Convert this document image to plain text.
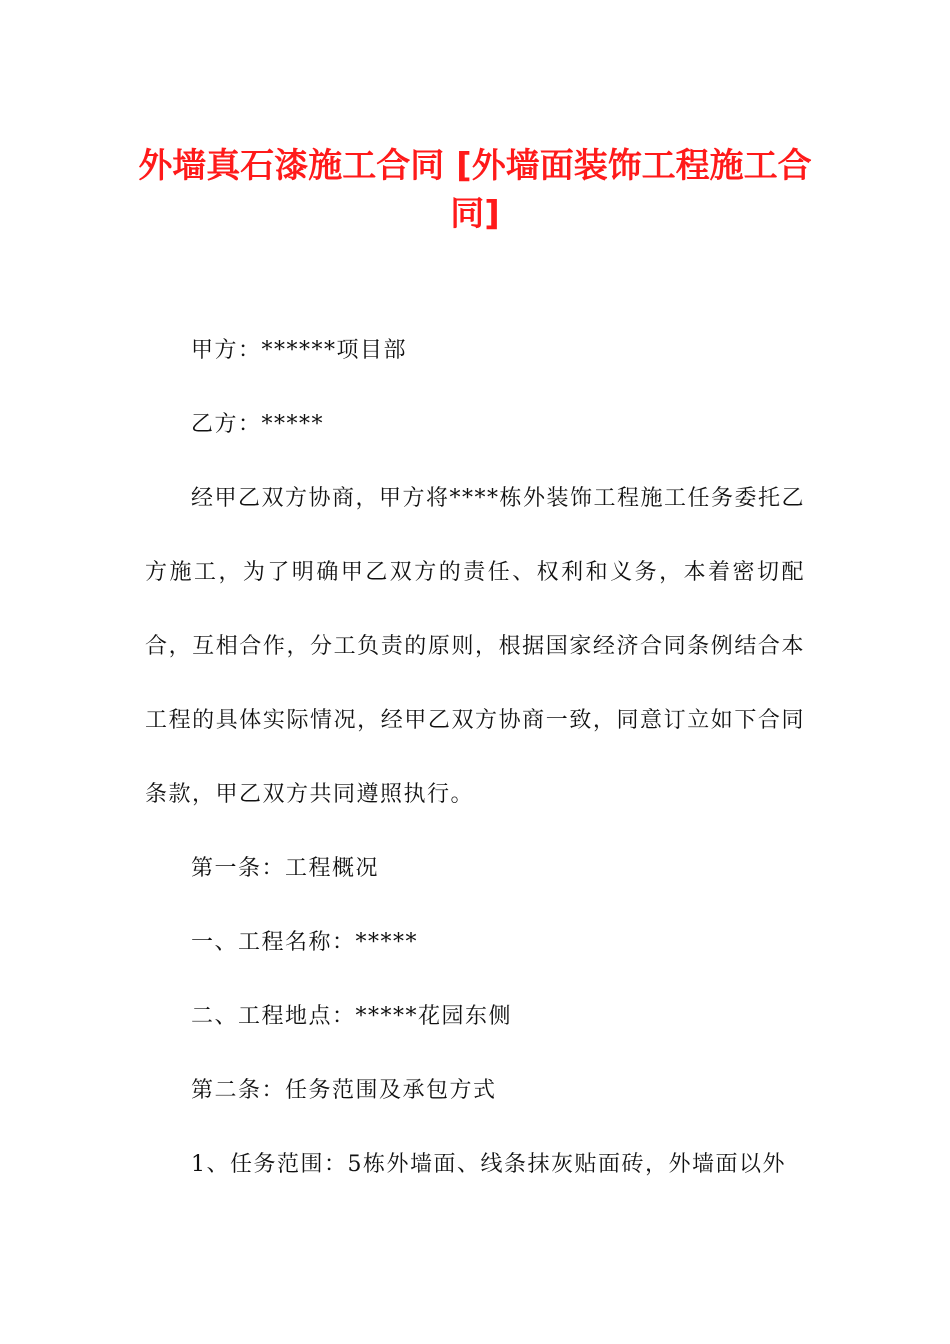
外墙真石漆施工合同 [外墙面装饰工程施工合同]

甲方：******项目部

乙方：*****

经甲乙双方协商，甲方将****栋外装饰工程施工任务委托乙方施工，为了明确甲乙双方的责任、权利和义务，本着密切配合，互相合作，分工负责的原则，根据国家经济合同条例结合本工程的具体实际情况，经甲乙双方协商一致，同意订立如下合同条款，甲乙双方共同遵照执行。

第一条：工程概况

一、工程名称：*****

二、工程地点：*****花园东侧

第二条：任务范围及承包方式

1、任务范围：5栋外墙面、线条抹灰贴面砖，外墙面以外
